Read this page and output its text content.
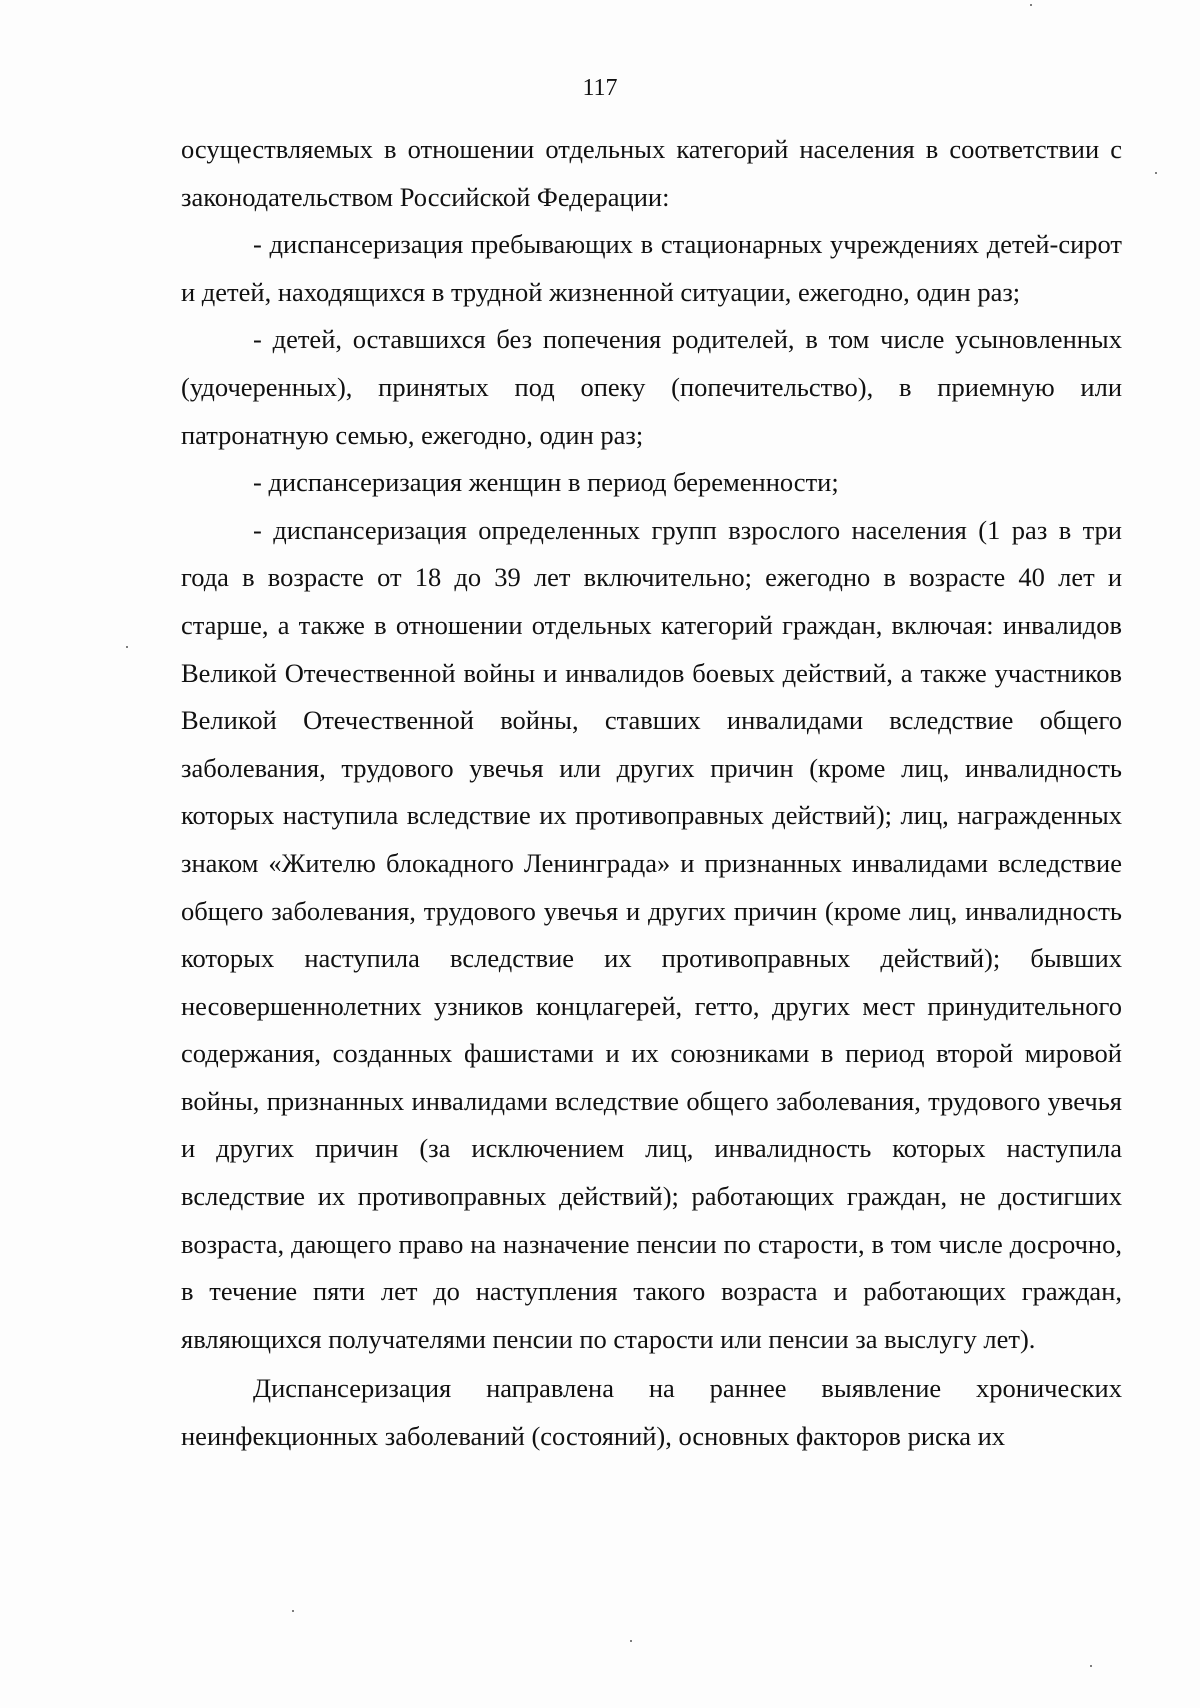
117

осуществляемых в отношении отдельных категорий населения в соответствии с законодательством Российской Федерации:

- диспансеризация пребывающих в стационарных учреждениях детей-сирот и детей, находящихся в трудной жизненной ситуации, ежегодно, один раз;

- детей, оставшихся без попечения родителей, в том числе усыновленных (удочеренных), принятых под опеку (попечительство), в приемную или патронатную семью, ежегодно, один раз;

- диспансеризация женщин в период беременности;

- диспансеризация определенных групп взрослого населения (1 раз в три года в возрасте от 18 до 39 лет включительно; ежегодно в возрасте 40 лет и старше, а также в отношении отдельных категорий граждан, включая: инвалидов Великой Отечественной войны и инвалидов боевых действий, а также участников Великой Отечественной войны, ставших инвалидами вследствие общего заболевания, трудового увечья или других причин (кроме лиц, инвалидность которых наступила вследствие их противоправных действий); лиц, награжденных знаком «Жителю блокадного Ленинграда» и признанных инвалидами вследствие общего заболевания, трудового увечья и других причин (кроме лиц, инвалидность которых наступила вследствие их противоправных действий); бывших несовершеннолетних узников концлагерей, гетто, других мест принудительного содержания, созданных фашистами и их союзниками в период второй мировой войны, признанных инвалидами вследствие общего заболевания, трудового увечья и других причин (за исключением лиц, инвалидность которых наступила вследствие их противоправных действий); работающих граждан, не достигших возраста, дающего право на назначение пенсии по старости, в том числе досрочно, в течение пяти лет до наступления такого возраста и работающих граждан, являющихся получателями пенсии по старости или пенсии за выслугу лет).

Диспансеризация направлена на раннее выявление хронических неинфекционных заболеваний (состояний), основных факторов риска их
